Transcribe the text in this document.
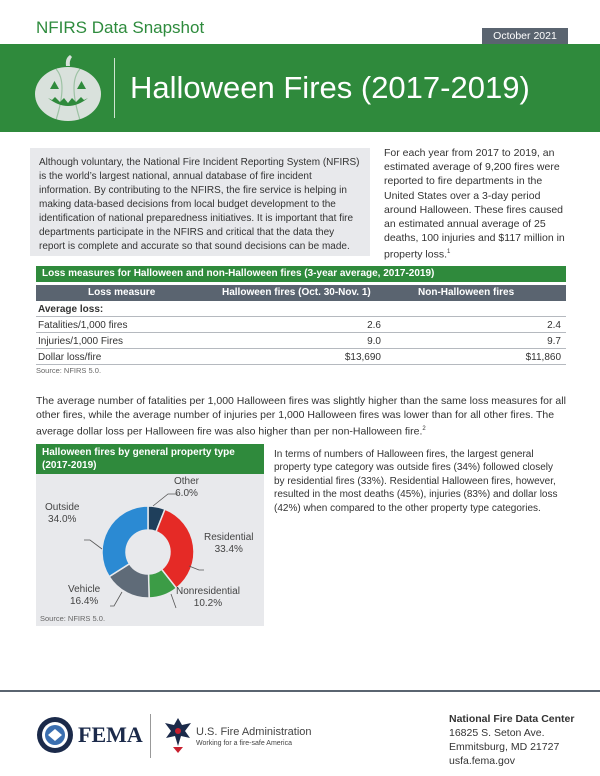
NFIRS Data Snapshot	October 2021
Halloween Fires (2017-2019)
Although voluntary, the National Fire Incident Reporting System (NFIRS) is the world’s largest national, annual database of fire incident information. By contributing to the NFIRS, the fire service is helping in making data-based decisions from local budget development to the identification of national preparedness initiatives. It is important that fire departments participate in the NFIRS and critical that the data they report is complete and accurate so that sound decisions can be made.
For each year from 2017 to 2019, an estimated average of 9,200 fires were reported to fire departments in the United States over a 3-day period around Halloween. These fires caused an estimated annual average of 25 deaths, 100 injuries and $117 million in property loss.$^1$
Loss measures for Halloween and non-Halloween fires (3-year average, 2017-2019)
Loss measure	Halloween fires (Oct. 30-Nov. 1)	Non-Halloween fires
Average loss:
Fatalities/1,000 fires	2.6	2.4
Injuries/1,000 Fires	9.0	9.7
Dollar loss/fire	$13,690	$11,860
Source: NFIRS 5.0.
The average number of fatalities per 1,000 Halloween fires was slightly higher than the same loss measures for all other fires, while the average number of injuries per 1,000 Halloween fires was lower than for all other fires. The average dollar loss per Halloween fire was also higher than per non-Halloween fire.$^2$
Halloween fires by general property type (2017-2019)
Other
6.0%
Residential
33.4%
Nonresidential
10.2%
Vehicle
16.4%
Outside
34.0%
Source: NFIRS 5.0.
In terms of numbers of Halloween fires, the largest general property type category was outside fires (34%) followed closely by residential fires (33%). Residential Halloween fires, however, resulted in the most deaths (45%), injuries (83%) and dollar loss (42%) when compared to the other property type categories.
FEMA	U.S. Fire Administration
Working for a fire-safe America
National Fire Data Center
16825 S. Seton Ave.
Emmitsburg, MD 21727
usfa.fema.gov
